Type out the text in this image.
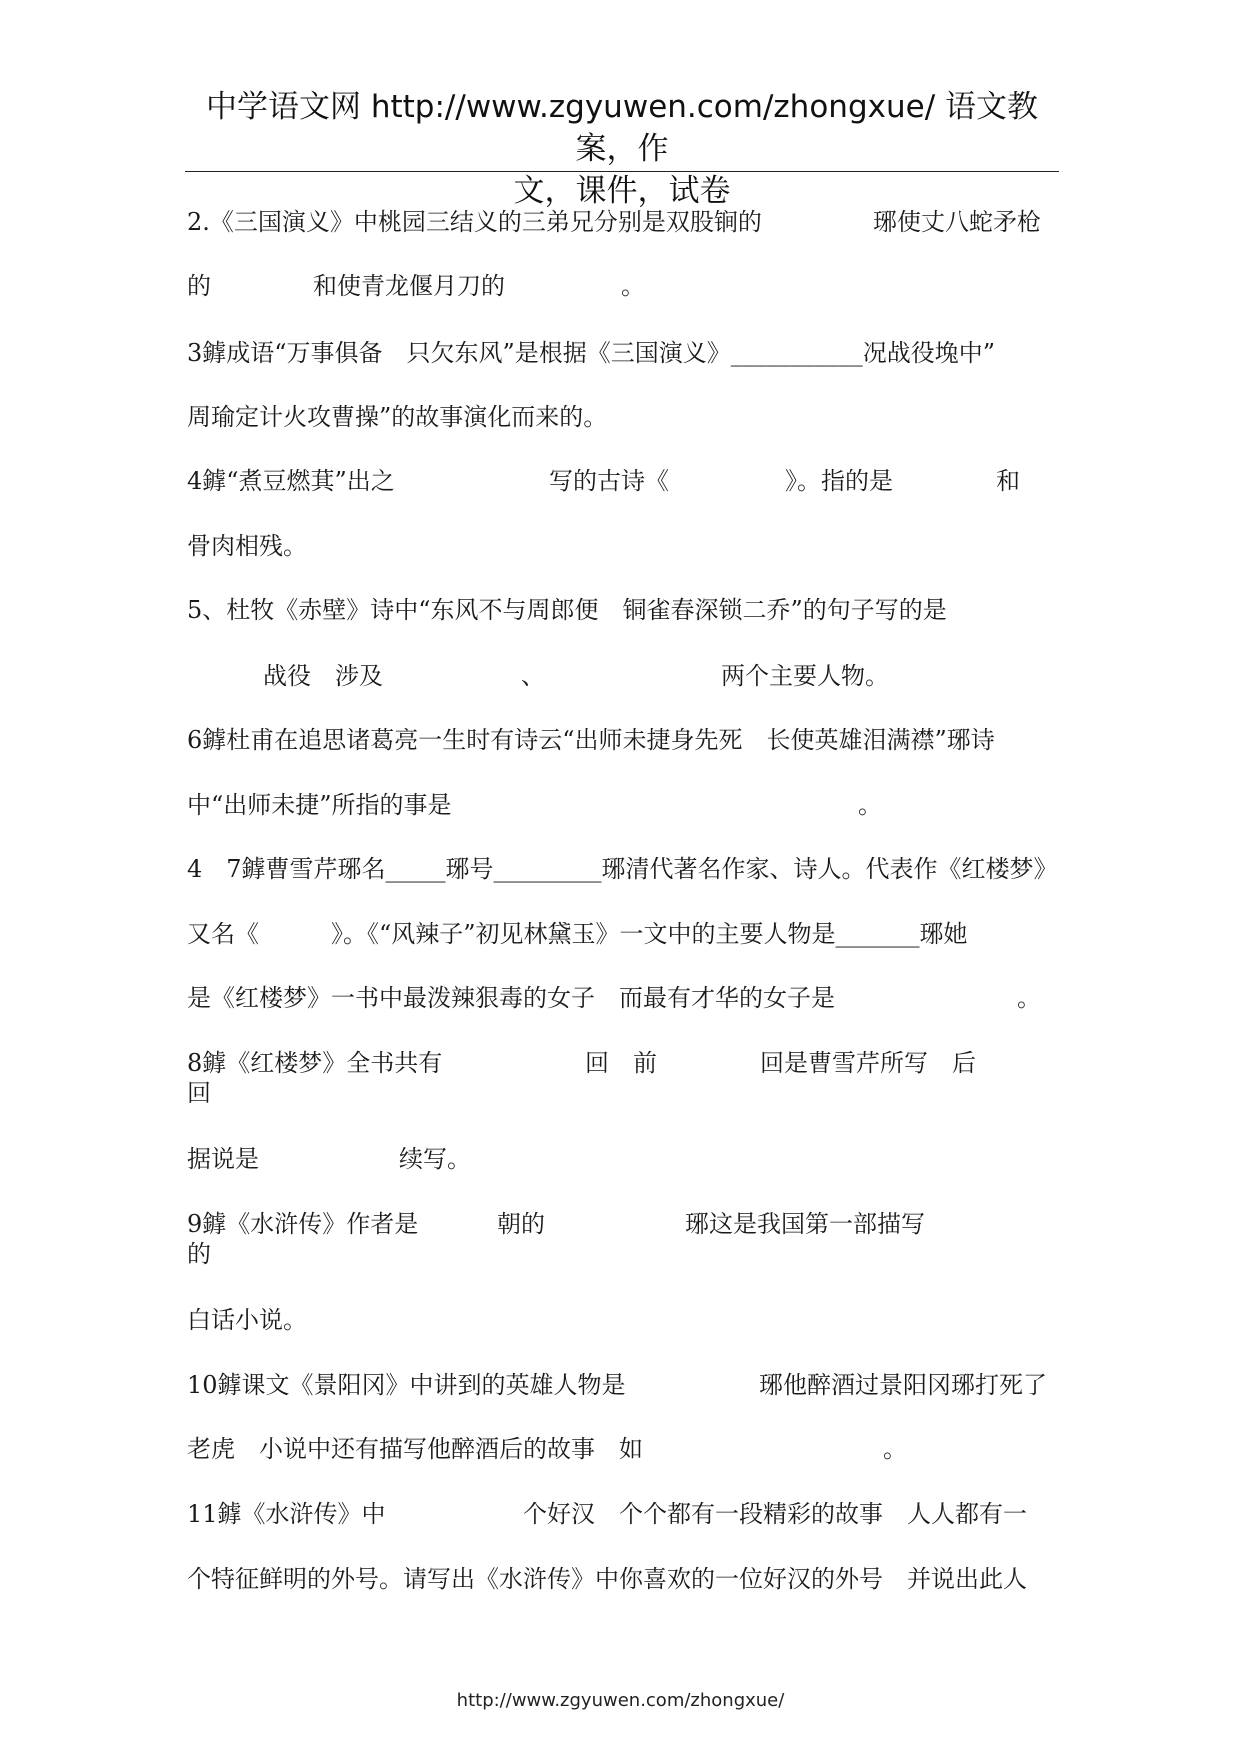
中学语文网 http://www.zgyuwen.com/zhongxue/ 语文教案，作
文，课件，试卷
2.《三国演义》中桃园三结义的三弟兄分别是双股锏的	琊使丈八蛇矛枪
的	和使青龙偃月刀的	。
3鎼成语“万事俱备　只欠东风”是根据《三国演义》___________况战役堍中”
周瑜定计火攻曹操”的故事演化而来的。
4鎼“煮豆燃萁”出之	写的古诗《	》。指的是	和
骨肉相残。
5、杜牧《赤壁》诗中“东风不与周郎便　铜雀春深锁二乔”的句子写的是
战役　涉及	、	两个主要人物。
6鎼杜甫在追思诸葛亮一生时有诗云“出师未捷身先死　长使英雄泪满襟”琊诗
中“出师未捷”所指的事是	。
4　7鎼曹雪芹琊名_____琊号_________琊清代著名作家、诗人。代表作《红楼梦》
又名《　　　》。《“风辣子”初见林黛玉》一文中的主要人物是_______琊她
是《红楼梦》一书中最泼辣狠毒的女子　而最有才华的女子是	。
8鎼《红楼梦》全书共有	回　前	回是曹雪芹所写　后
回
据说是	续写。
9鎼《水浒传》作者是	朝的	琊这是我国第一部描写
的
白话小说。
10鎼课文《景阳冈》中讲到的英雄人物是	琊他醉酒过景阳冈琊打死了
老虎　小说中还有描写他醉酒后的故事　如	。
11鎼《水浒传》中	个好汉　个个都有一段精彩的故事　人人都有一
个特征鲜明的外号。请写出《水浒传》中你喜欢的一位好汉的外号　并说出此人
http://www.zgyuwen.com/zhongxue/
